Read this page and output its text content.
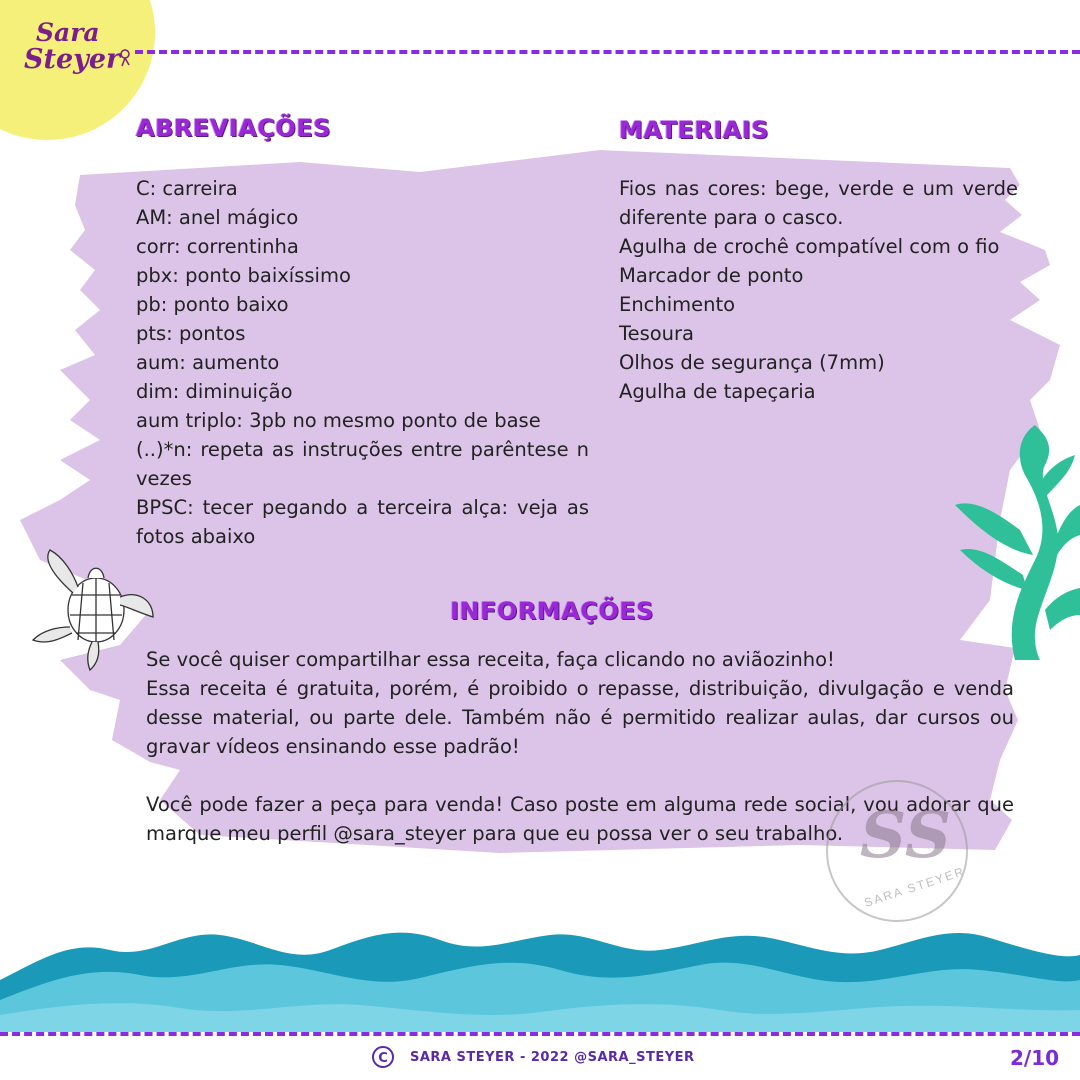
Sara
Steyer
ABREVIAÇÕES
C: carreira
AM: anel mágico
corr: correntinha
pbx: ponto baixíssimo
pb: ponto baixo
pts: pontos
aum: aumento
dim: diminuição
aum triplo: 3pb no mesmo ponto de base
(..)*n: repeta as instruções entre parêntese n vezes
BPSC: tecer pegando a terceira alça: veja as fotos abaixo
MATERIAIS
Fios nas cores: bege, verde e um verde diferente para o casco.
Agulha de crochê compatível com o fio
Marcador de ponto
Enchimento
Tesoura
Olhos de segurança (7mm)
Agulha de tapeçaria
INFORMAÇÕES
Se você quiser compartilhar essa receita, faça clicando no aviãozinho!
Essa receita é gratuita, porém, é proibido o repasse, distribuição, divulgação e venda desse material, ou parte dele. Também não é permitido realizar aulas, dar cursos ou gravar vídeos ensinando esse padrão!
Você pode fazer a peça para venda! Caso poste em alguma rede social, vou adorar que marque meu perfil @sara_steyer para que eu possa ver o seu trabalho. SS
SARA STEYER
C	SARA STEYER - 2022 @SARA_STEYER	2/10
